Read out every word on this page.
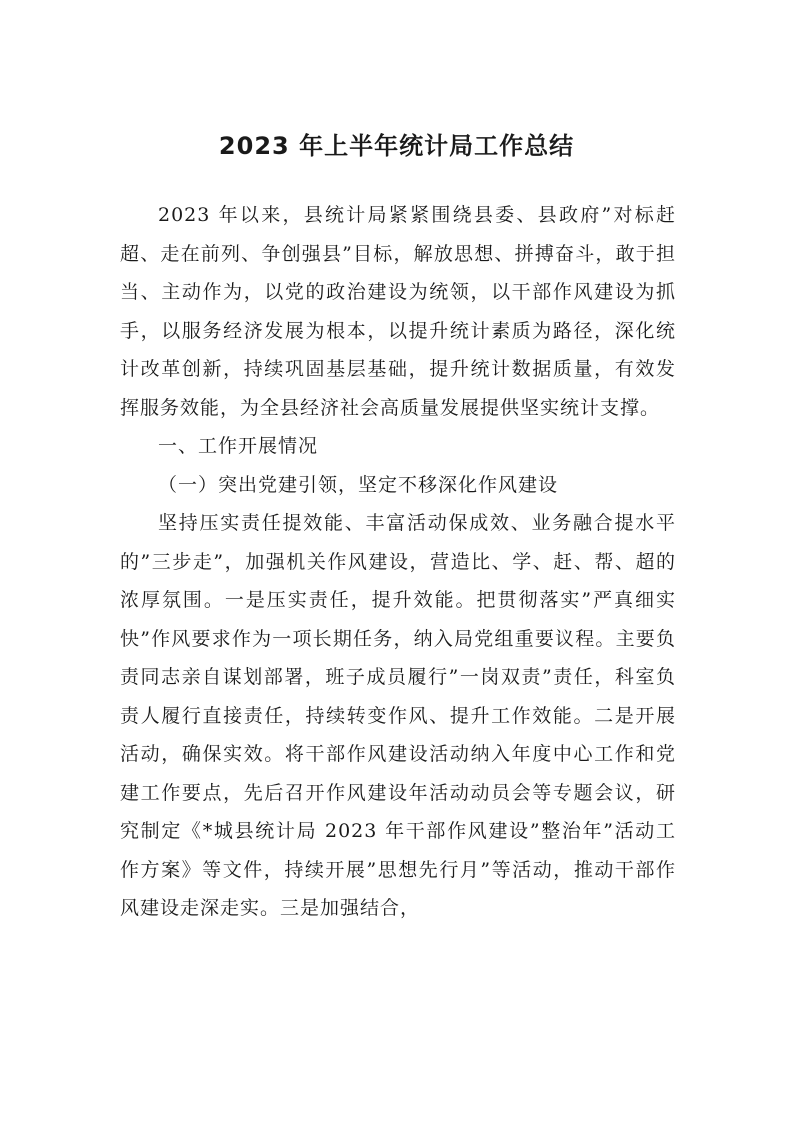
2023 年上半年统计局工作总结

2023 年以来，县统计局紧紧围绕县委、县政府”对标赶超、走在前列、争创强县”目标，解放思想、拼搏奋斗，敢于担当、主动作为，以党的政治建设为统领，以干部作风建设为抓手，以服务经济发展为根本，以提升统计素质为路径，深化统计改革创新，持续巩固基层基础，提升统计数据质量，有效发挥服务效能，为全县经济社会高质量发展提供坚实统计支撑。

一、工作开展情况

（一）突出党建引领，坚定不移深化作风建设

坚持压实责任提效能、丰富活动保成效、业务融合提水平的”三步走”，加强机关作风建设，营造比、学、赶、帮、超的浓厚氛围。一是压实责任，提升效能。把贯彻落实”严真细实快”作风要求作为一项长期任务，纳入局党组重要议程。主要负责同志亲自谋划部署，班子成员履行”一岗双责”责任，科室负责人履行直接责任，持续转变作风、提升工作效能。二是开展活动，确保实效。将干部作风建设活动纳入年度中心工作和党建工作要点，先后召开作风建设年活动动员会等专题会议，研究制定《*城县统计局 2023 年干部作风建设”整治年”活动工作方案》等文件，持续开展”思想先行月”等活动，推动干部作风建设走深走实。三是加强结合，
